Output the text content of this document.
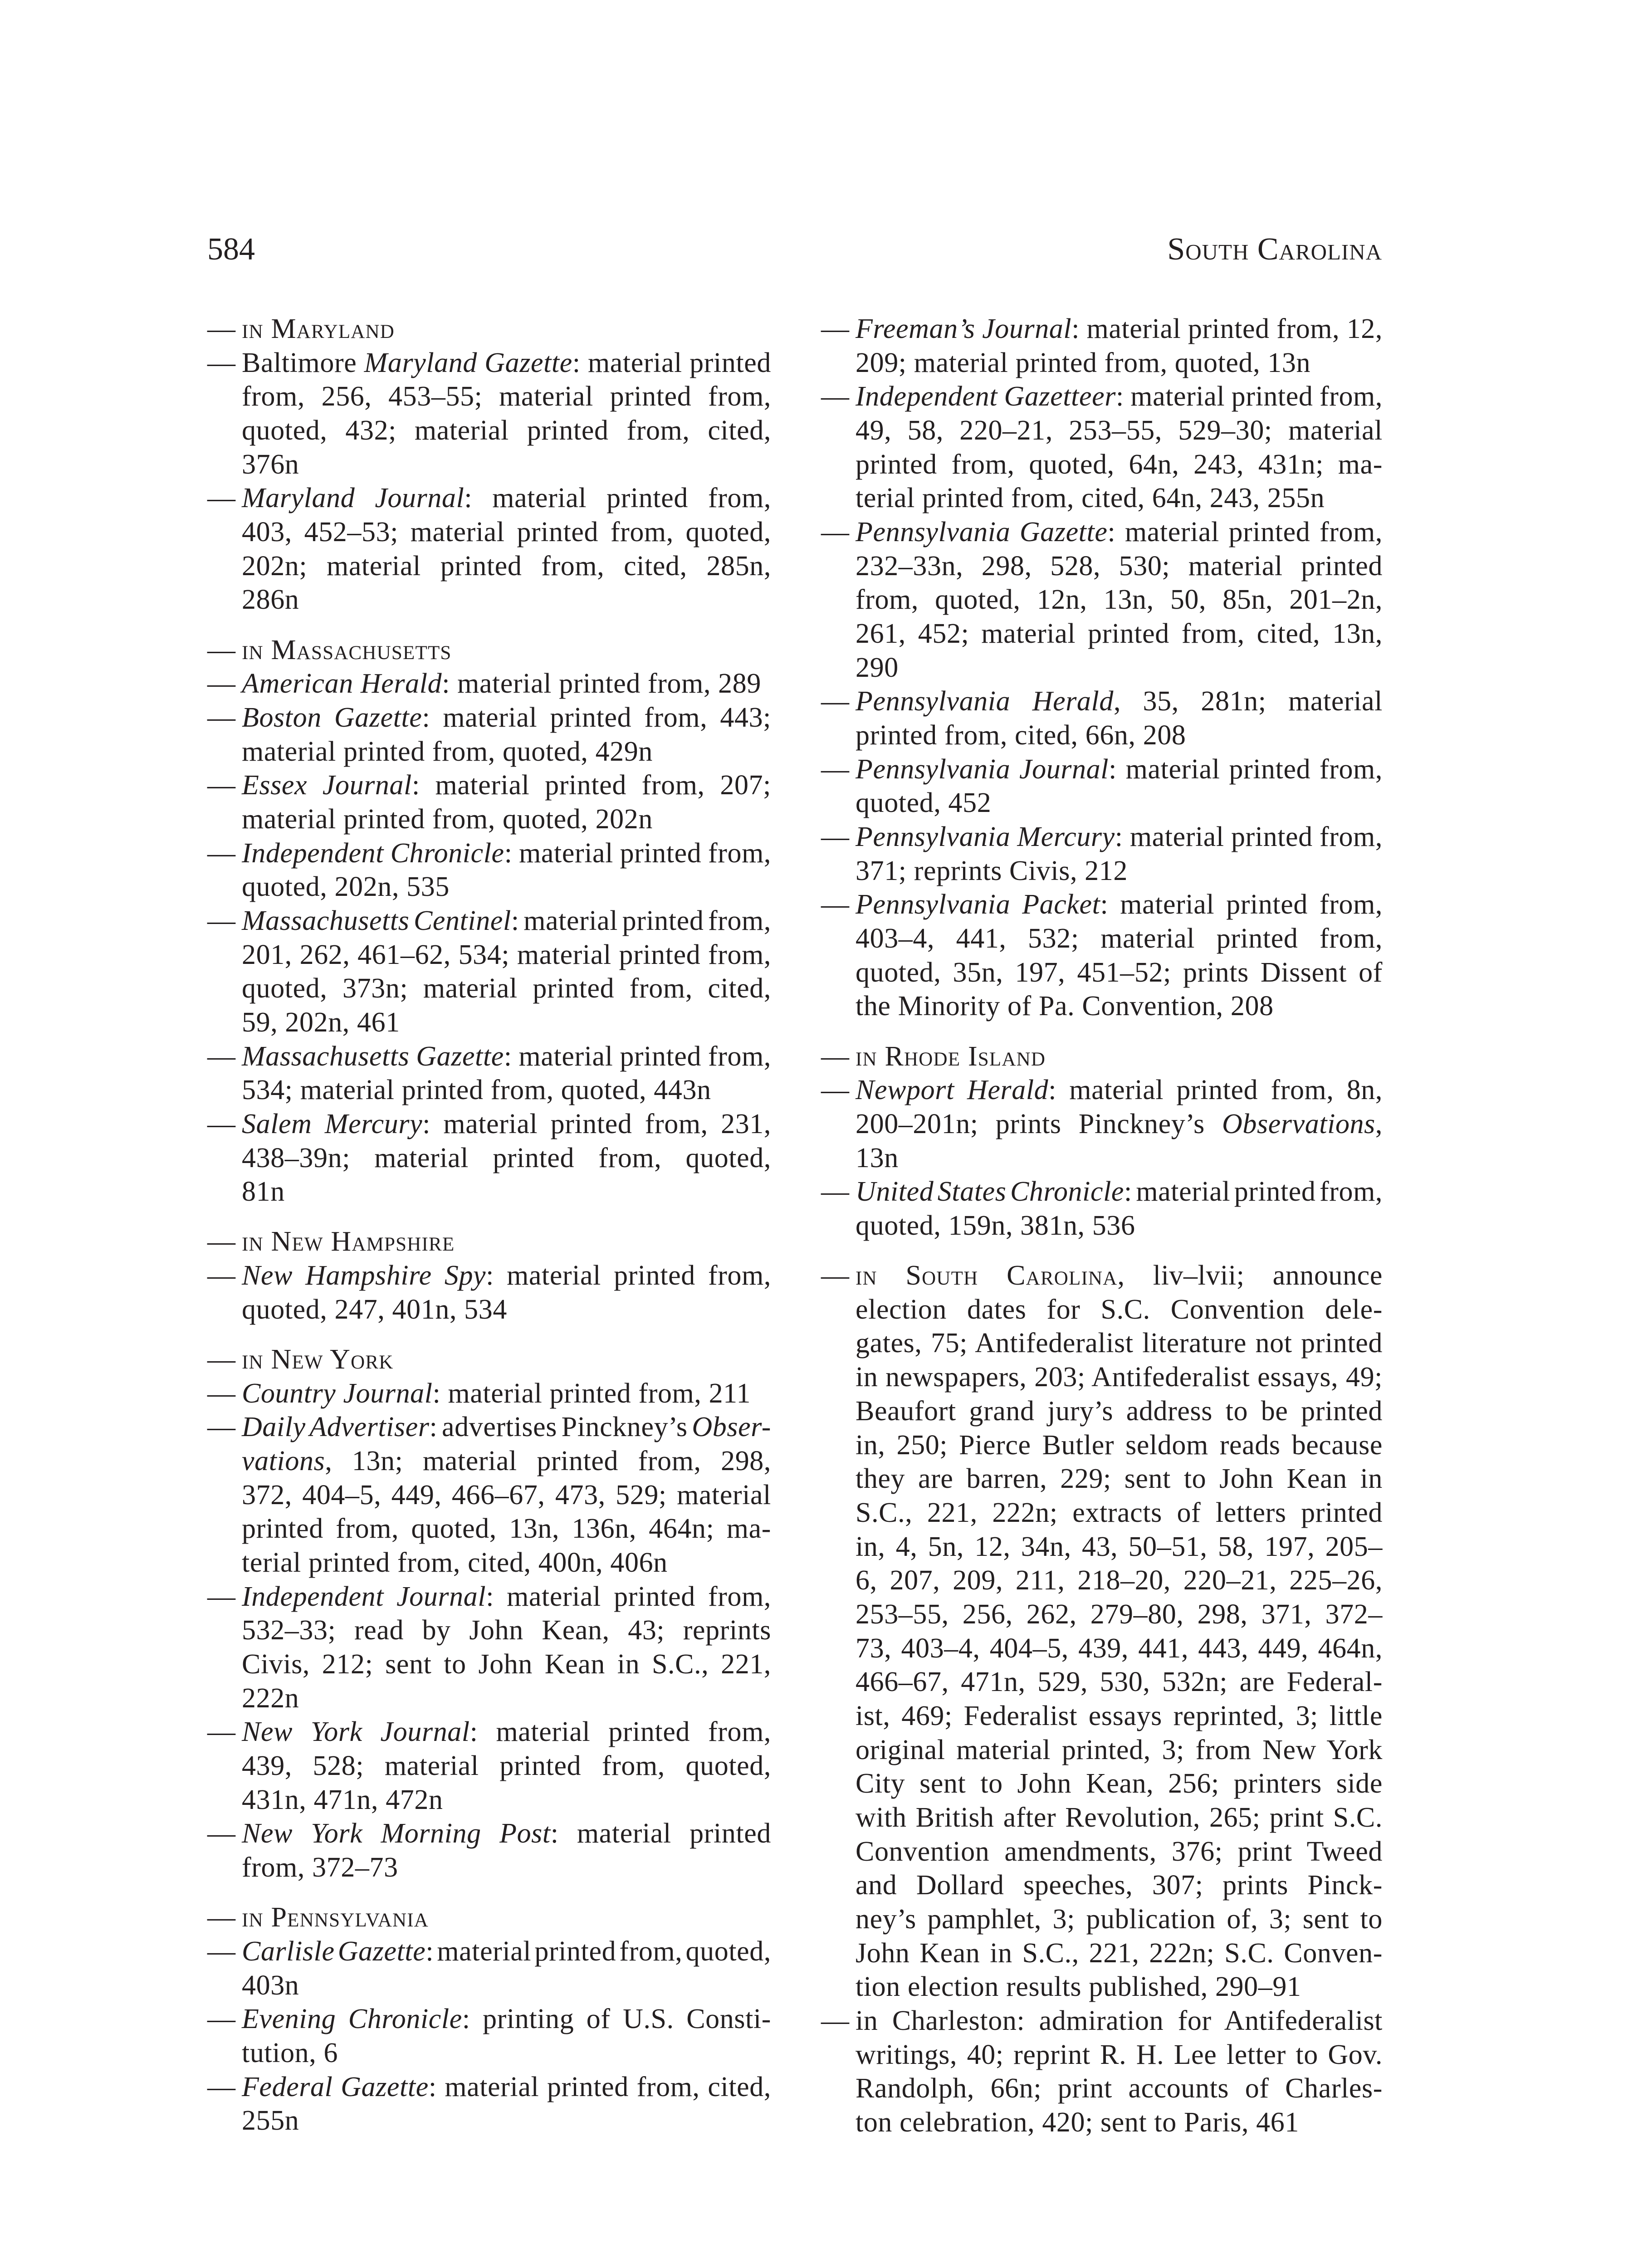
584	South Carolina
— in Maryland
— Baltimore Maryland Gazette: material printed
from, 256, 453–55; material printed from,
quoted, 432; material printed from, cited,
376n
— Maryland Journal: material printed from,
403, 452–53; material printed from, quoted,
202n; material printed from, cited, 285n,
286n
— in Massachusetts
— American Herald: material printed from, 289
— Boston Gazette: material printed from, 443;
material printed from, quoted, 429n
— Essex Journal: material printed from, 207;
material printed from, quoted, 202n
— Independent Chronicle: material printed from,
quoted, 202n, 535
— Massachusetts Centinel: material printed from,
201, 262, 461–62, 534; material printed from,
quoted, 373n; material printed from, cited,
59, 202n, 461
— Massachusetts Gazette: material printed from,
534; material printed from, quoted, 443n
— Salem Mercury: material printed from, 231,
438–39n; material printed from, quoted,
81n
— in New Hampshire
— New Hampshire Spy: material printed from,
quoted, 247, 401n, 534
— in New York
— Country Journal: material printed from, 211
— Daily Advertiser: advertises Pinckney’s Obser-
vations, 13n; material printed from, 298,
372, 404–5, 449, 466–67, 473, 529; material
printed from, quoted, 13n, 136n, 464n; ma-
terial printed from, cited, 400n, 406n
— Independent Journal: material printed from,
532–33; read by John Kean, 43; reprints
Civis, 212; sent to John Kean in S.C., 221,
222n
— New York Journal: material printed from,
439, 528; material printed from, quoted,
431n, 471n, 472n
— New York Morning Post: material printed
from, 372–73
— in Pennsylvania
— Carlisle Gazette: material printed from, quoted,
403n
— Evening Chronicle: printing of U.S. Consti-
tution, 6
— Federal Gazette: material printed from, cited,
255n
— Freeman’s Journal: material printed from, 12,
209; material printed from, quoted, 13n
— Independent Gazetteer: material printed from,
49, 58, 220–21, 253–55, 529–30; material
printed from, quoted, 64n, 243, 431n; ma-
terial printed from, cited, 64n, 243, 255n
— Pennsylvania Gazette: material printed from,
232–33n, 298, 528, 530; material printed
from, quoted, 12n, 13n, 50, 85n, 201–2n,
261, 452; material printed from, cited, 13n,
290
— Pennsylvania Herald, 35, 281n; material
printed from, cited, 66n, 208
— Pennsylvania Journal: material printed from,
quoted, 452
— Pennsylvania Mercury: material printed from,
371; reprints Civis, 212
— Pennsylvania Packet: material printed from,
403–4, 441, 532; material printed from,
quoted, 35n, 197, 451–52; prints Dissent of
the Minority of Pa. Convention, 208
— in Rhode Island
— Newport Herald: material printed from, 8n,
200–201n; prints Pinckney’s Observations,
13n
— United States Chronicle: material printed from,
quoted, 159n, 381n, 536
— in South Carolina, liv–lvii; announce
election dates for S.C. Convention dele-
gates, 75; Antifederalist literature not printed
in newspapers, 203; Antifederalist essays, 49;
Beaufort grand jury’s address to be printed
in, 250; Pierce Butler seldom reads because
they are barren, 229; sent to John Kean in
S.C., 221, 222n; extracts of letters printed
in, 4, 5n, 12, 34n, 43, 50–51, 58, 197, 205–
6, 207, 209, 211, 218–20, 220–21, 225–26,
253–55, 256, 262, 279–80, 298, 371, 372–
73, 403–4, 404–5, 439, 441, 443, 449, 464n,
466–67, 471n, 529, 530, 532n; are Federal-
ist, 469; Federalist essays reprinted, 3; little
original material printed, 3; from New York
City sent to John Kean, 256; printers side
with British after Revolution, 265; print S.C.
Convention amendments, 376; print Tweed
and Dollard speeches, 307; prints Pinck-
ney’s pamphlet, 3; publication of, 3; sent to
John Kean in S.C., 221, 222n; S.C. Conven-
tion election results published, 290–91
— in Charleston: admiration for Antifederalist
writings, 40; reprint R. H. Lee letter to Gov.
Randolph, 66n; print accounts of Charles-
ton celebration, 420; sent to Paris, 461
